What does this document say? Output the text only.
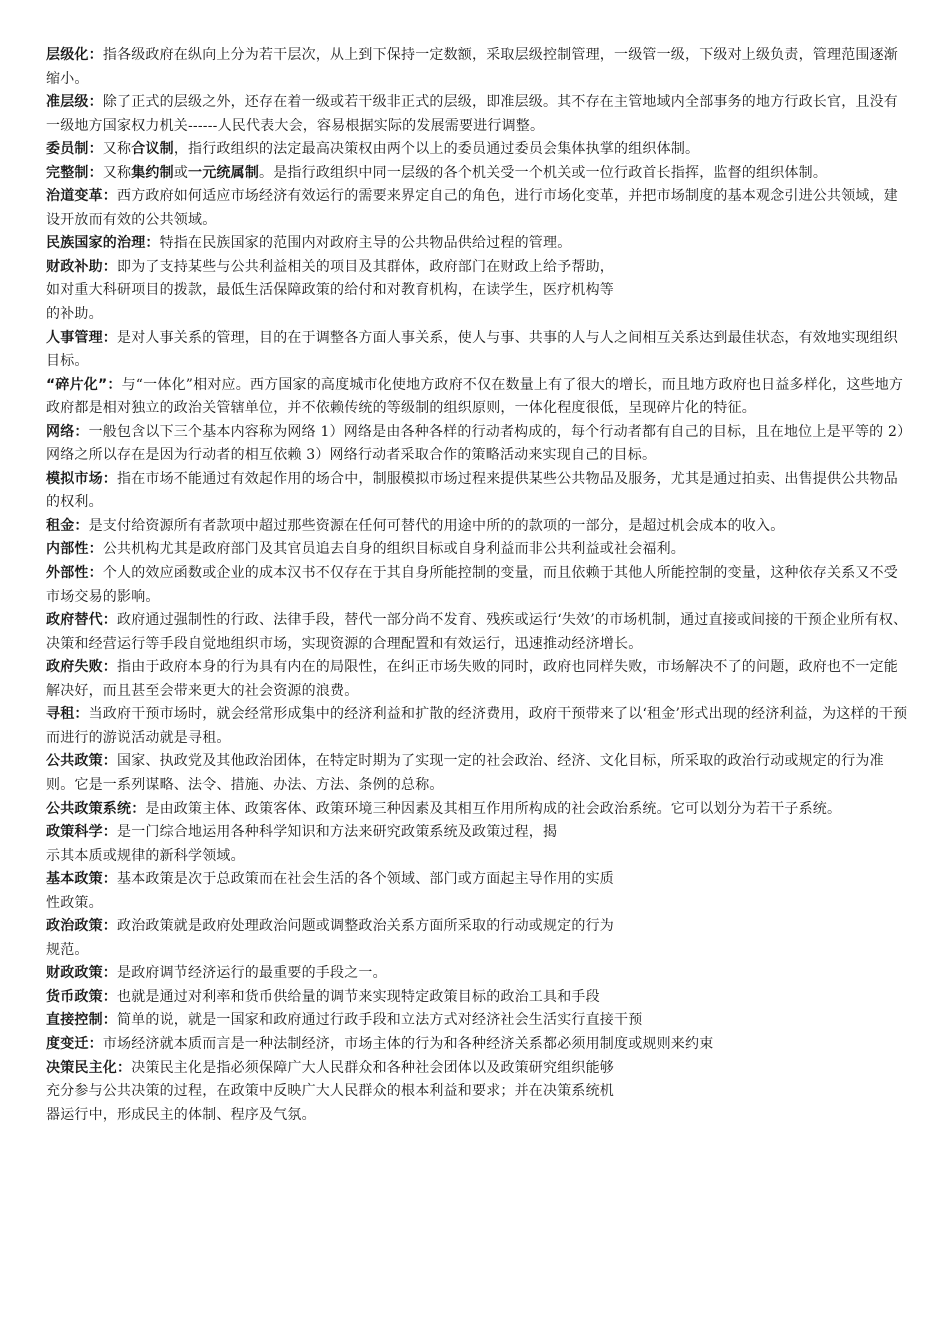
层级化：指各级政府在纵向上分为若干层次，从上到下保持一定数额，采取层级控制管理，一级管一级，下级对上级负责，管理范围逐渐缩小。

准层级：除了正式的层级之外，还存在着一级或若干级非正式的层级，即准层级。其不存在主管地域内全部事务的地方行政长官，且没有一级地方国家权力机关------人民代表大会，容易根据实际的发展需要进行调整。

委员制：又称合议制，指行政组织的法定最高决策权由两个以上的委员通过委员会集体执掌的组织体制。

完整制：又称集约制或一元统属制。是指行政组织中同一层级的各个机关受一个机关或一位行政首长指挥，监督的组织体制。

治道变革：西方政府如何适应市场经济有效运行的需要来界定自己的角色，进行市场化变革，并把市场制度的基本观念引进公共领域，建设开放而有效的公共领域。

民族国家的治理：特指在民族国家的范围内对政府主导的公共物品供给过程的管理。

财政补助：即为了支持某些与公共利益相关的项目及其群体，政府部门在财政上给予帮助，
如对重大科研项目的拨款，最低生活保障政策的给付和对教育机构，在读学生，医疗机构等
的补助。

人事管理：是对人事关系的管理，目的在于调整各方面人事关系，使人与事、共事的人与人之间相互关系达到最佳状态，有效地实现组织目标。

“碎片化”：与“一体化”相对应。西方国家的高度城市化使地方政府不仅在数量上有了很大的增长，而且地方政府也日益多样化，这些地方政府都是相对独立的政治关管辖单位，并不依赖传统的等级制的组织原则，一体化程度很低，呈现碎片化的特征。

网络：一般包含以下三个基本内容称为网络 1）网络是由各种各样的行动者构成的，每个行动者都有自己的目标，且在地位上是平等的 2）网络之所以存在是因为行动者的相互依赖 3）网络行动者采取合作的策略活动来实现自己的目标。

模拟市场：指在市场不能通过有效起作用的场合中，制服模拟市场过程来提供某些公共物品及服务，尤其是通过拍卖、出售提供公共物品的权利。

租金：是支付给资源所有者款项中超过那些资源在任何可替代的用途中所的的款项的一部分，是超过机会成本的收入。

内部性：公共机构尤其是政府部门及其官员追去自身的组织目标或自身利益而非公共利益或社会福利。

外部性：个人的效应函数或企业的成本汉书不仅存在于其自身所能控制的变量，而且依赖于其他人所能控制的变量，这种依存关系又不受市场交易的影响。

政府替代：政府通过强制性的行政、法律手段，替代一部分尚不发育、残疾或运行‘失效’的市场机制，通过直接或间接的干预企业所有权、决策和经营运行等手段自觉地组织市场，实现资源的合理配置和有效运行，迅速推动经济增长。

政府失败：指由于政府本身的行为具有内在的局限性，在纠正市场失败的同时，政府也同样失败，市场解决不了的问题，政府也不一定能解决好，而且甚至会带来更大的社会资源的浪费。

寻租：当政府干预市场时，就会经常形成集中的经济利益和扩散的经济费用，政府干预带来了以‘租金’形式出现的经济利益，为这样的干预而进行的游说活动就是寻租。

公共政策：国家、执政党及其他政治团体，在特定时期为了实现一定的社会政治、经济、文化目标，所采取的政治行动或规定的行为准则。它是一系列谋略、法令、措施、办法、方法、条例的总称。

公共政策系统：是由政策主体、政策客体、政策环境三种因素及其相互作用所构成的社会政治系统。它可以划分为若干子系统。

政策科学：是一门综合地运用各种科学知识和方法来研究政策系统及政策过程，揭
示其本质或规律的新科学领域。

基本政策：基本政策是次于总政策而在社会生活的各个领域、部门或方面起主导作用的实质
性政策。

政治政策：政治政策就是政府处理政治问题或调整政治关系方面所采取的行动或规定的行为
规范。

财政政策：是政府调节经济运行的最重要的手段之一。

货币政策：也就是通过对利率和货币供给量的调节来实现特定政策目标的政治工具和手段

直接控制：简单的说，就是一国家和政府通过行政手段和立法方式对经济社会生活实行直接干预

度变迁：市场经济就本质而言是一种法制经济，市场主体的行为和各种经济关系都必须用制度或规则来约束

决策民主化：决策民主化是指必须保障广大人民群众和各种社会团体以及政策研究组织能够
充分参与公共决策的过程，在政策中反映广大人民群众的根本利益和要求；并在决策系统机
器运行中，形成民主的体制、程序及气氛。
